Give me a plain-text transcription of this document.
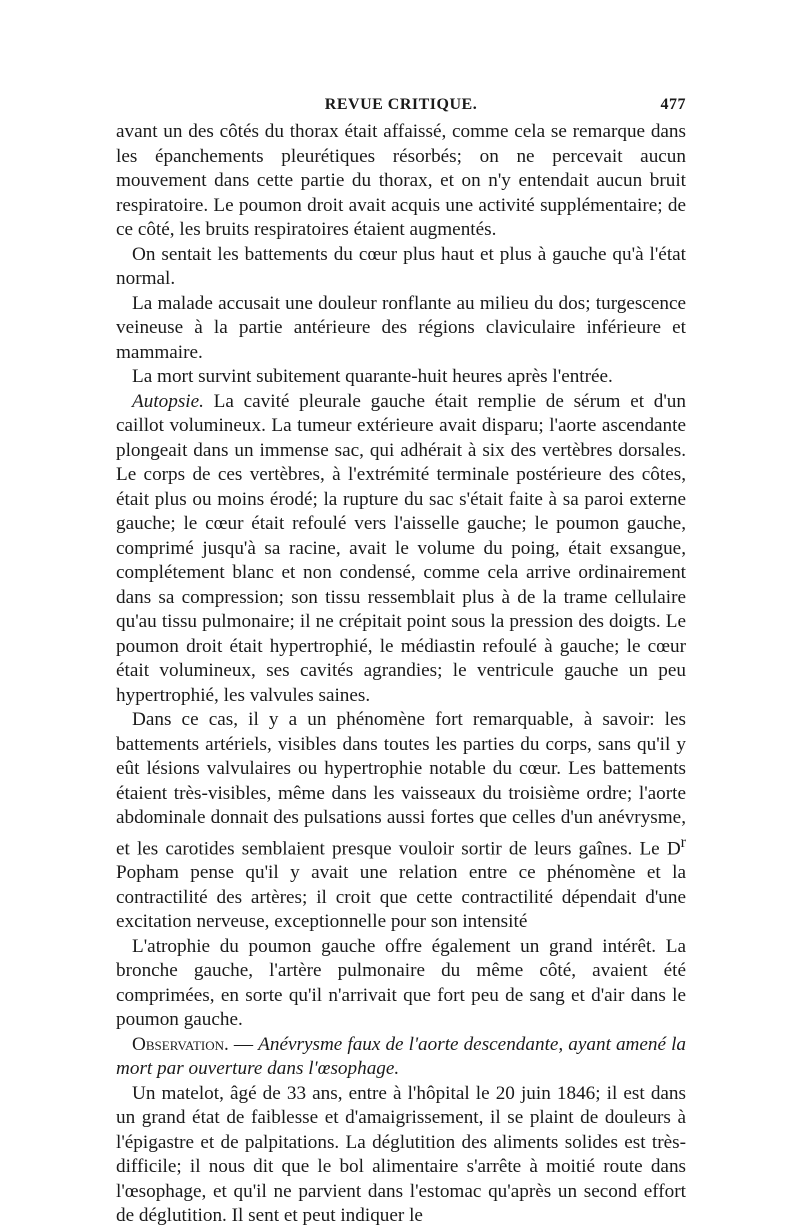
REVUE CRITIQUE.	477

avant un des côtés du thorax était affaissé, comme cela se remarque dans les épanchements pleurétiques résorbés; on ne percevait aucun mouvement dans cette partie du thorax, et on n'y entendait aucun bruit respiratoire. Le poumon droit avait acquis une activité supplémentaire; de ce côté, les bruits respiratoires étaient augmentés.

On sentait les battements du cœur plus haut et plus à gauche qu'à l'état normal.

La malade accusait une douleur ronflante au milieu du dos; turgescence veineuse à la partie antérieure des régions claviculaire inférieure et mammaire.

La mort survint subitement quarante-huit heures après l'entrée.

Autopsie. La cavité pleurale gauche était remplie de sérum et d'un caillot volumineux. La tumeur extérieure avait disparu; l'aorte ascendante plongeait dans un immense sac, qui adhérait à six des vertèbres dorsales. Le corps de ces vertèbres, à l'extrémité terminale postérieure des côtes, était plus ou moins érodé; la rupture du sac s'était faite à sa paroi externe gauche; le cœur était refoulé vers l'aisselle gauche; le poumon gauche, comprimé jusqu'à sa racine, avait le volume du poing, était exsangue, complétement blanc et non condensé, comme cela arrive ordinairement dans sa compression; son tissu ressemblait plus à de la trame cellulaire qu'au tissu pulmonaire; il ne crépitait point sous la pression des doigts. Le poumon droit était hypertrophié, le médiastin refoulé à gauche; le cœur était volumineux, ses cavités agrandies; le ventricule gauche un peu hypertrophié, les valvules saines.

Dans ce cas, il y a un phénomène fort remarquable, à savoir: les battements artériels, visibles dans toutes les parties du corps, sans qu'il y eût lésions valvulaires ou hypertrophie notable du cœur. Les battements étaient très-visibles, même dans les vaisseaux du troisième ordre; l'aorte abdominale donnait des pulsations aussi fortes que celles d'un anévrysme, et les carotides semblaient presque vouloir sortir de leurs gaînes. Le $D^r$ Popham pense qu'il y avait une relation entre ce phénomène et la contractilité des artères; il croit que cette contractilité dépendait d'une excitation nerveuse, exceptionnelle pour son intensité

L'atrophie du poumon gauche offre également un grand intérêt. La bronche gauche, l'artère pulmonaire du même côté, avaient été comprimées, en sorte qu'il n'arrivait que fort peu de sang et d'air dans le poumon gauche.

Observation. — Anévrysme faux de l'aorte descendante, ayant amené la mort par ouverture dans l'œsophage.

Un matelot, âgé de 33 ans, entre à l'hôpital le 20 juin 1846; il est dans un grand état de faiblesse et d'amaigrissement, il se plaint de douleurs à l'épigastre et de palpitations. La déglutition des aliments solides est très-difficile; il nous dit que le bol alimentaire s'arrête à moitié route dans l'œsophage, et qu'il ne parvient dans l'estomac qu'après un second effort de déglutition. Il sent et peut indiquer le
